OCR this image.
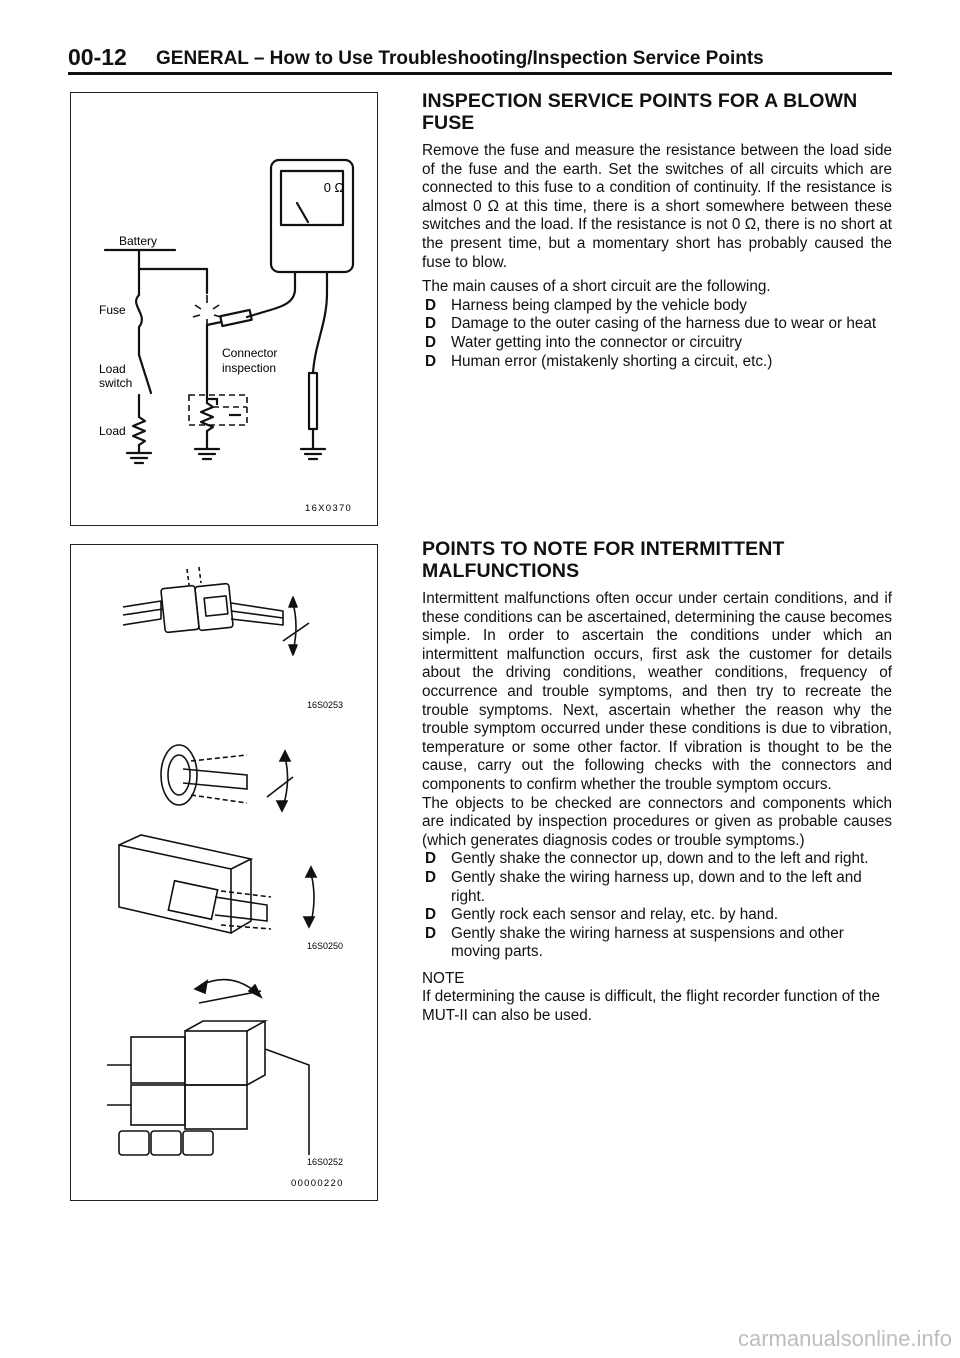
00-12 GENERAL – How to Use Troubleshooting/Inspection Service Points
0 Ω
Battery
Fuse
Load
switch
Connector
inspection
Load
16X0370
16S0253
16S0250
16S0252
00000220
INSPECTION SERVICE POINTS FOR A BLOWN FUSE

Remove the fuse and measure the resistance between the load side of the fuse and the earth. Set the switches of all circuits which are connected to this fuse to a condition of continuity. If the resistance is almost 0 Ω at this time, there is a short somewhere between these switches and the load. If the resistance is not 0 Ω, there is no short at the present time, but a momentary short has probably caused the fuse to blow.

The main causes of a short circuit are the following.

D Harness being clamped by the vehicle body
D Damage to the outer casing of the harness due to wear or heat
D Water getting into the connector or circuitry
D Human error (mistakenly shorting a circuit, etc.)
POINTS TO NOTE FOR INTERMITTENT MALFUNCTIONS

Intermittent malfunctions often occur under certain conditions, and if these conditions can be ascertained, determining the cause becomes simple. In order to ascertain the conditions under which an intermittent malfunction occurs, first ask the customer for details about the driving conditions, weather conditions, frequency of occurrence and trouble symptoms, and then try to recreate the trouble symptoms. Next, ascertain whether the reason why the trouble symptom occurred under these conditions is due to vibration, temperature or some other factor. If vibration is thought to be the cause, carry out the following checks with the connectors and components to confirm whether the trouble symptom occurs.

The objects to be checked are connectors and components which are indicated by inspection procedures or given as probable causes (which generates diagnosis codes or trouble symptoms.)

D Gently shake the connector up, down and to the left and right.
D Gently shake the wiring harness up, down and to the left and right.
D Gently rock each sensor and relay, etc. by hand.
D Gently shake the wiring harness at suspensions and other moving parts.

NOTE

If determining the cause is difficult, the flight recorder function of the MUT-II can also be used.

carmanualsonline.info
